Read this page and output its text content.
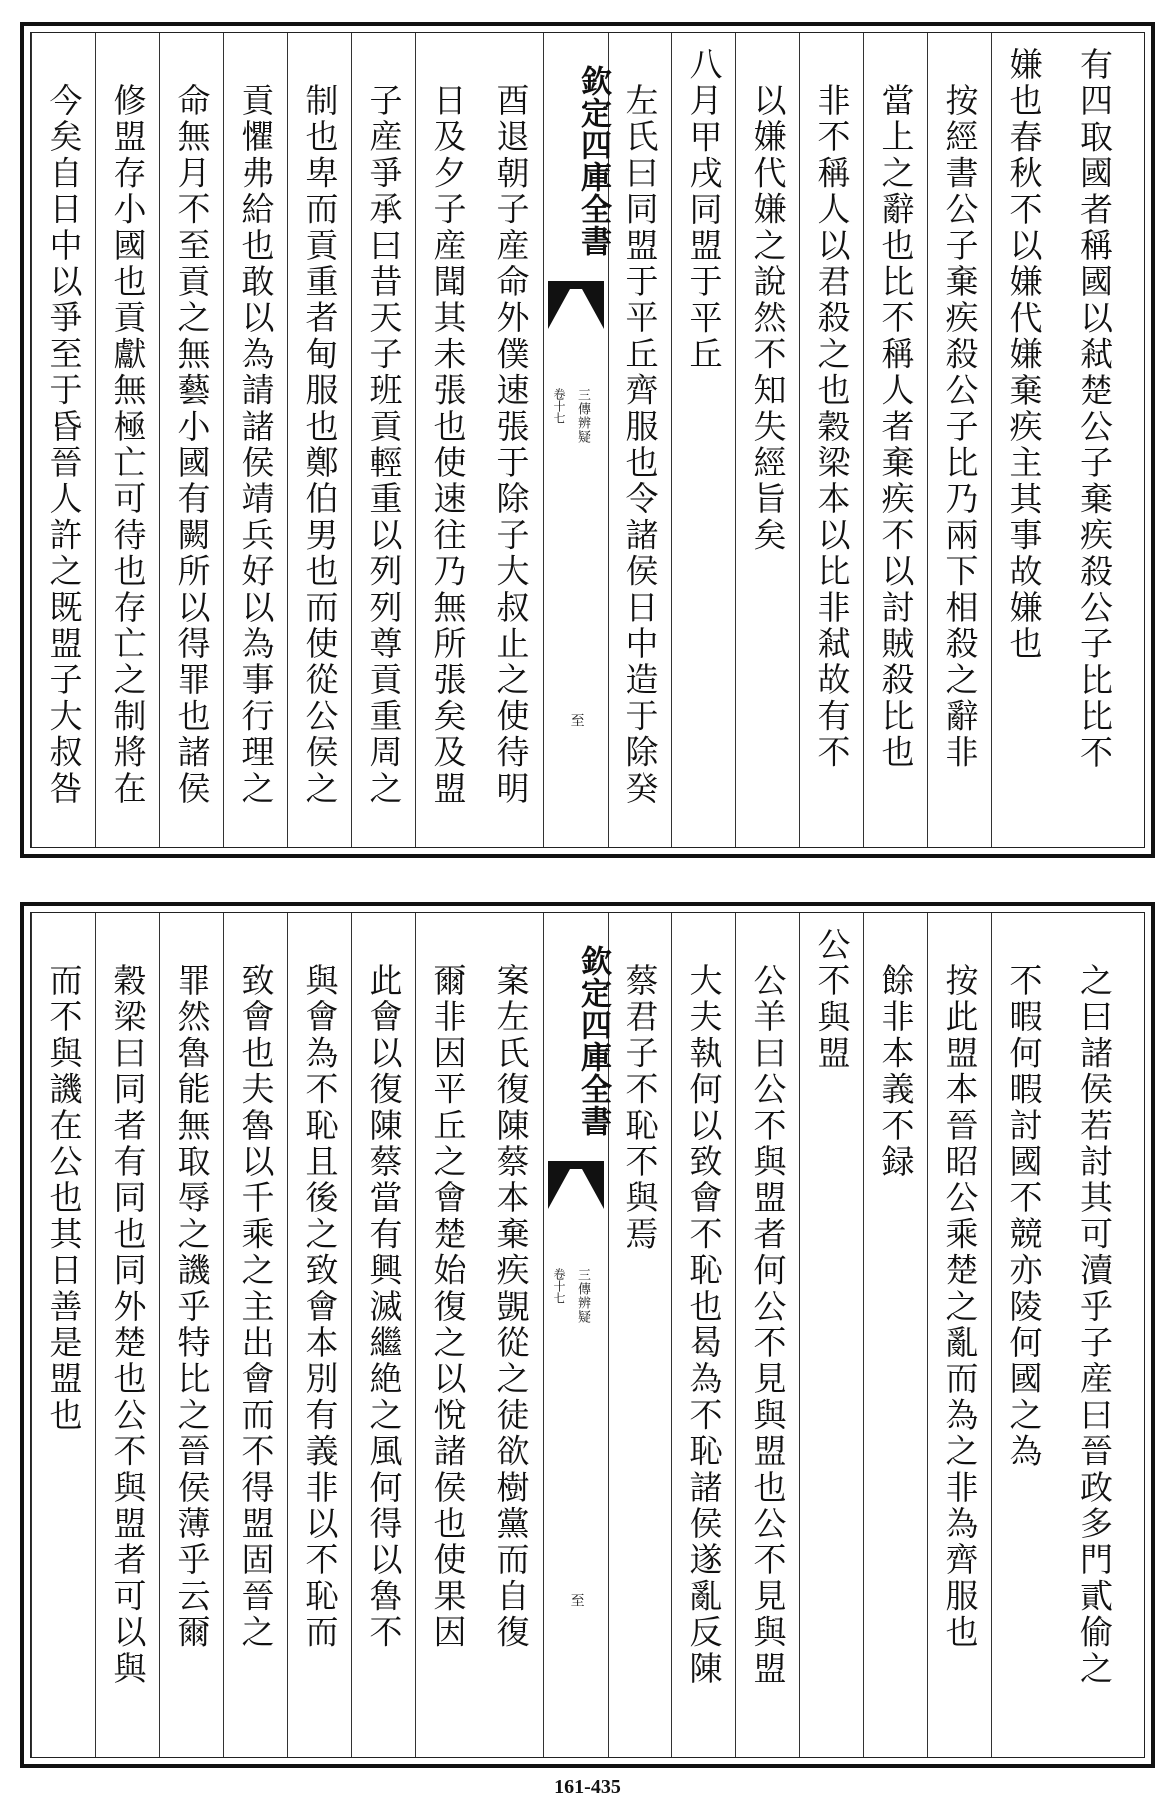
有四取國者稱國以弒楚公子棄疾殺公子比比不
嫌也春秋不以嫌代嫌棄疾主其事故嫌也
按經書公子棄疾殺公子比乃兩下相殺之辭非
當上之辭也比不稱人者棄疾不以討賊殺比也
非不稱人以君殺之也穀梁本以比非弒故有不
以嫌代嫌之說然不知失經旨矣
八月甲戌同盟于平丘
左氏曰同盟于平丘齊服也令諸侯日中造于除癸
欽定四庫全書
三傳辨疑
卷十七
至
酉退朝子産命外僕速張于除子大叔止之使待明
日及夕子産聞其未張也使速往乃無所張矣及盟
子産爭承曰昔天子班貢輕重以列列尊貢重周之
制也卑而貢重者甸服也鄭伯男也而使從公侯之
貢懼弗給也敢以為請諸侯靖兵好以為事行理之
命無月不至貢之無藝小國有闕所以得罪也諸侯
修盟存小國也貢獻無極亡可待也存亡之制將在
今矣自日中以爭至于昏晉人許之既盟子大叔咎
之曰諸侯若討其可瀆乎子産曰晉政多門貳偷之
不暇何暇討國不競亦陵何國之為
按此盟本晉昭公乘楚之亂而為之非為齊服也
餘非本義不録
公不與盟
公羊曰公不與盟者何公不見與盟也公不見與盟
大夫執何以致會不恥也曷為不恥諸侯遂亂反陳
蔡君子不恥不與焉
欽定四庫全書
三傳辨疑
卷十七
至
案左氏復陳蔡本棄疾覬從之徒欲樹黨而自復
爾非因平丘之會楚始復之以悅諸侯也使果因
此會以復陳蔡當有興滅繼絶之風何得以魯不
與會為不恥且後之致會本別有義非以不恥而
致會也夫魯以千乘之主出會而不得盟固晉之
罪然魯能無取辱之譏乎特比之晉侯薄乎云爾
穀梁曰同者有同也同外楚也公不與盟者可以與
而不與譏在公也其日善是盟也
161-435
